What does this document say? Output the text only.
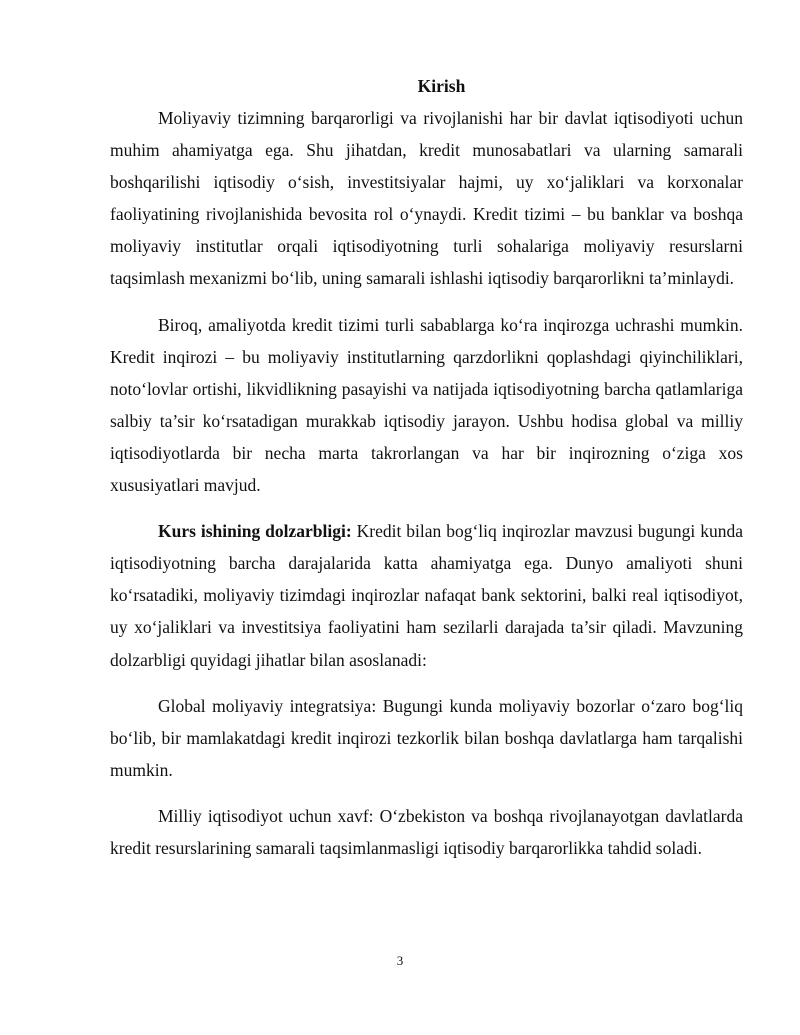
Kirish

Moliyaviy tizimning barqarorligi va rivojlanishi har bir davlat iqtisodiyoti uchun muhim ahamiyatga ega. Shu jihatdan, kredit munosabatlari va ularning samarali boshqarilishi iqtisodiy o‘sish, investitsiyalar hajmi, uy xo‘jaliklari va korxonalar faoliyatining rivojlanishida bevosita rol o‘ynaydi. Kredit tizimi – bu banklar va boshqa moliyaviy institutlar orqali iqtisodiyotning turli sohalariga moliyaviy resurslarni taqsimlash mexanizmi bo‘lib, uning samarali ishlashi iqtisodiy barqarorlikni ta’minlaydi.

Biroq, amaliyotda kredit tizimi turli sabablarga ko‘ra inqirozga uchrashi mumkin. Kredit inqirozi – bu moliyaviy institutlarning qarzdorlikni qoplashdagi qiyinchiliklari, noto‘lovlar ortishi, likvidlikning pasayishi va natijada iqtisodiyotning barcha qatlamlariga salbiy ta’sir ko‘rsatadigan murakkab iqtisodiy jarayon. Ushbu hodisa global va milliy iqtisodiyotlarda bir necha marta takrorlangan va har bir inqirozning o‘ziga xos xususiyatlari mavjud.

Kurs ishining dolzarbligi: Kredit bilan bog‘liq inqirozlar mavzusi bugungi kunda iqtisodiyotning barcha darajalarida katta ahamiyatga ega. Dunyo amaliyoti shuni ko‘rsatadiki, moliyaviy tizimdagi inqirozlar nafaqat bank sektorini, balki real iqtisodiyot, uy xo‘jaliklari va investitsiya faoliyatini ham sezilarli darajada ta’sir qiladi. Mavzuning dolzarbligi quyidagi jihatlar bilan asoslanadi:

Global moliyaviy integratsiya: Bugungi kunda moliyaviy bozorlar o‘zaro bog‘liq bo‘lib, bir mamlakatdagi kredit inqirozi tezkorlik bilan boshqa davlatlarga ham tarqalishi mumkin.

Milliy iqtisodiyot uchun xavf: O‘zbekiston va boshqa rivojlanayotgan davlatlarda kredit resurslarining samarali taqsimlanmasligi iqtisodiy barqarorlikka tahdid soladi.

3
